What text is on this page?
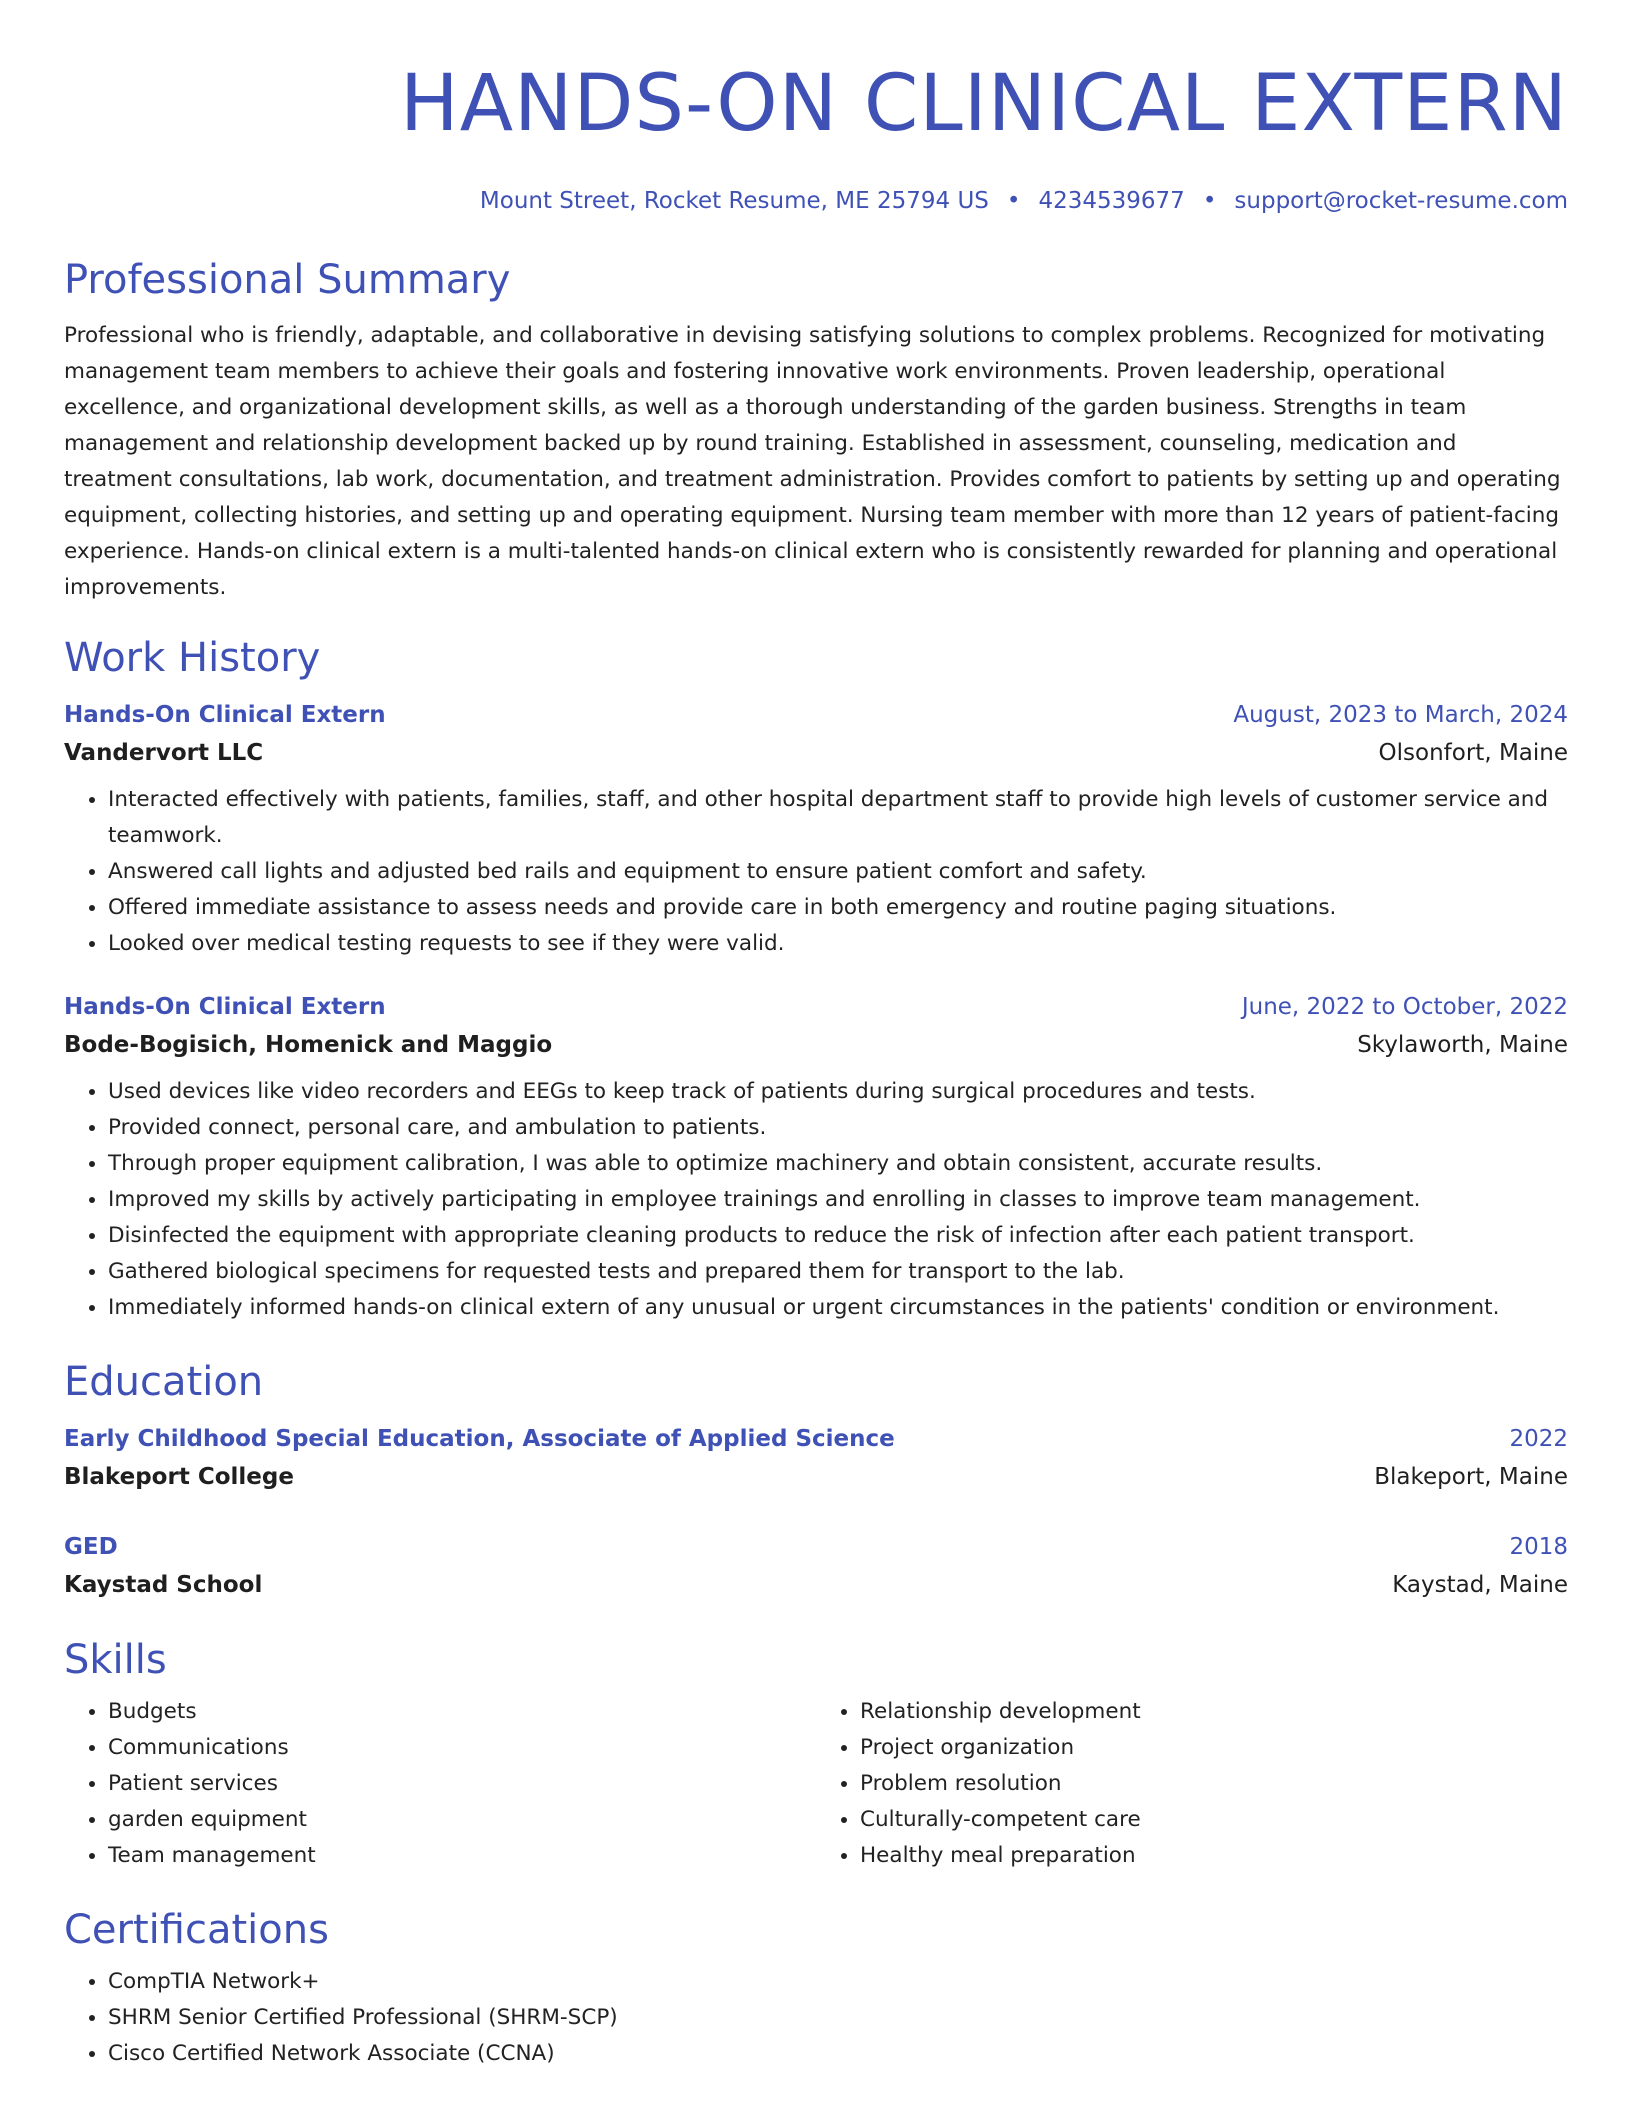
HANDS-ON CLINICAL EXTERN
Mount Street, Rocket Resume, ME 25794 US • 4234539677 • support@rocket-resume.com
Professional Summary

Professional who is friendly, adaptable, and collaborative in devising satisfying solutions to complex problems. Recognized for motivating management team members to achieve their goals and fostering innovative work environments. Proven leadership, operational excellence, and organizational development skills, as well as a thorough understanding of the garden business. Strengths in team management and relationship development backed up by round training. Established in assessment, counseling, medication and treatment consultations, lab work, documentation, and treatment administration. Provides comfort to patients by setting up and operating equipment, collecting histories, and setting up and operating equipment. Nursing team member with more than 12 years of patient-facing experience. Hands-on clinical extern is a multi-talented hands-on clinical extern who is consistently rewarded for planning and operational improvements.

Work History
Hands-On Clinical Extern	August, 2023 to March, 2024
Vandervort LLC	Olsonfort, Maine
• Interacted effectively with patients, families, staff, and other hospital department staff to provide high levels of customer service and teamwork.
• Answered call lights and adjusted bed rails and equipment to ensure patient comfort and safety.
• Offered immediate assistance to assess needs and provide care in both emergency and routine paging situations.
• Looked over medical testing requests to see if they were valid.
Hands-On Clinical Extern	June, 2022 to October, 2022
Bode-Bogisich, Homenick and Maggio	Skylaworth, Maine
• Used devices like video recorders and EEGs to keep track of patients during surgical procedures and tests.
• Provided connect, personal care, and ambulation to patients.
• Through proper equipment calibration, I was able to optimize machinery and obtain consistent, accurate results.
• Improved my skills by actively participating in employee trainings and enrolling in classes to improve team management.
• Disinfected the equipment with appropriate cleaning products to reduce the risk of infection after each patient transport.
• Gathered biological specimens for requested tests and prepared them for transport to the lab.
• Immediately informed hands-on clinical extern of any unusual or urgent circumstances in the patients' condition or environment.
Education
Early Childhood Special Education, Associate of Applied Science	2022
Blakeport College	Blakeport, Maine
GED	2018
Kaystad School	Kaystad, Maine
Skills
• Budgets
• Communications
• Patient services
• garden equipment
• Team management
• Relationship development
• Project organization
• Problem resolution
• Culturally-competent care
• Healthy meal preparation
Certifications
• CompTIA Network+
• SHRM Senior Certified Professional (SHRM-SCP)
• Cisco Certified Network Associate (CCNA)
